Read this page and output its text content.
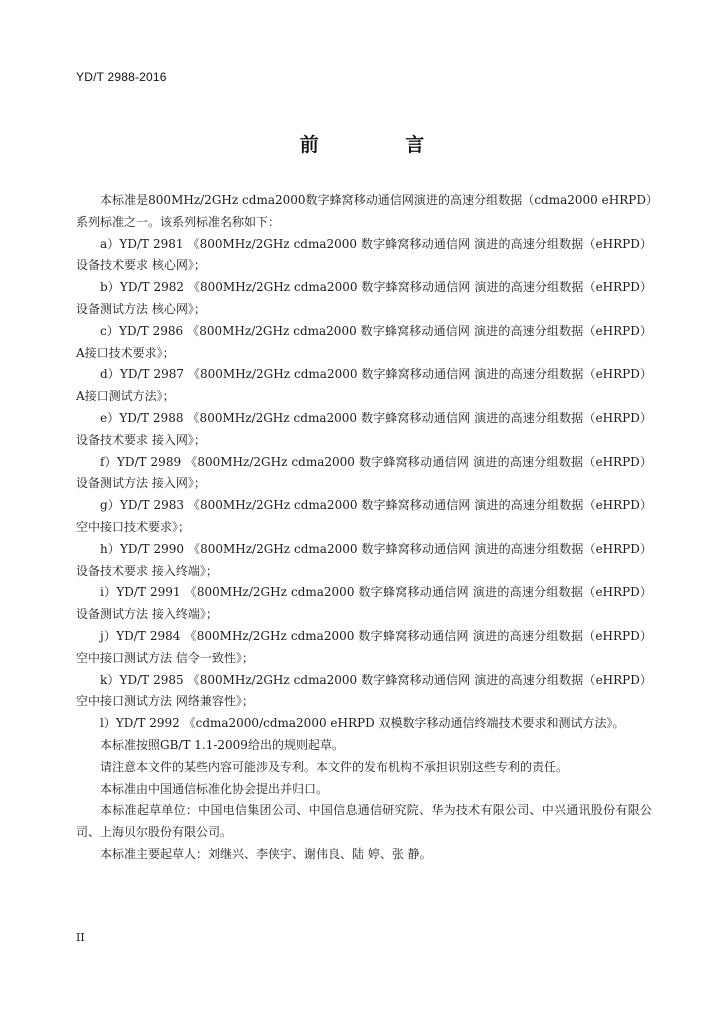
YD/T 2988-2016
前 言

本标准是800MHz/2GHz cdma2000数字蜂窝移动通信网演进的高速分组数据（cdma2000 eHRPD）系列标准之一。该系列标准名称如下：

a）YD/T 2981 《800MHz/2GHz cdma2000 数字蜂窝移动通信网 演进的高速分组数据（eHRPD）设备技术要求 核心网》；

b）YD/T 2982 《800MHz/2GHz cdma2000 数字蜂窝移动通信网 演进的高速分组数据（eHRPD）设备测试方法 核心网》；

c）YD/T 2986 《800MHz/2GHz cdma2000 数字蜂窝移动通信网 演进的高速分组数据（eHRPD）A接口技术要求》；

d）YD/T 2987 《800MHz/2GHz cdma2000 数字蜂窝移动通信网 演进的高速分组数据（eHRPD）A接口测试方法》；

e）YD/T 2988 《800MHz/2GHz cdma2000 数字蜂窝移动通信网 演进的高速分组数据（eHRPD）设备技术要求 接入网》；

f）YD/T 2989 《800MHz/2GHz cdma2000 数字蜂窝移动通信网 演进的高速分组数据（eHRPD）设备测试方法 接入网》；

g）YD/T 2983 《800MHz/2GHz cdma2000 数字蜂窝移动通信网 演进的高速分组数据（eHRPD）空中接口技术要求》；

h）YD/T 2990 《800MHz/2GHz cdma2000 数字蜂窝移动通信网 演进的高速分组数据（eHRPD）设备技术要求 接入终端》；

i）YD/T 2991 《800MHz/2GHz cdma2000 数字蜂窝移动通信网 演进的高速分组数据（eHRPD）设备测试方法 接入终端》；

j）YD/T 2984 《800MHz/2GHz cdma2000 数字蜂窝移动通信网 演进的高速分组数据（eHRPD）空中接口测试方法 信令一致性》；

k）YD/T 2985 《800MHz/2GHz cdma2000 数字蜂窝移动通信网 演进的高速分组数据（eHRPD）空中接口测试方法 网络兼容性》；

l）YD/T 2992 《cdma2000/cdma2000 eHRPD 双模数字移动通信终端技术要求和测试方法》。

本标准按照GB/T 1.1-2009给出的规则起草。

请注意本文件的某些内容可能涉及专利。本文件的发布机构不承担识别这些专利的责任。

本标准由中国通信标准化协会提出并归口。

本标准起草单位：中国电信集团公司、中国信息通信研究院、华为技术有限公司、中兴通讯股份有限公司、上海贝尔股份有限公司。

本标准主要起草人：刘继兴、李侠宇、谢伟良、陆 婷、张 静。

II
